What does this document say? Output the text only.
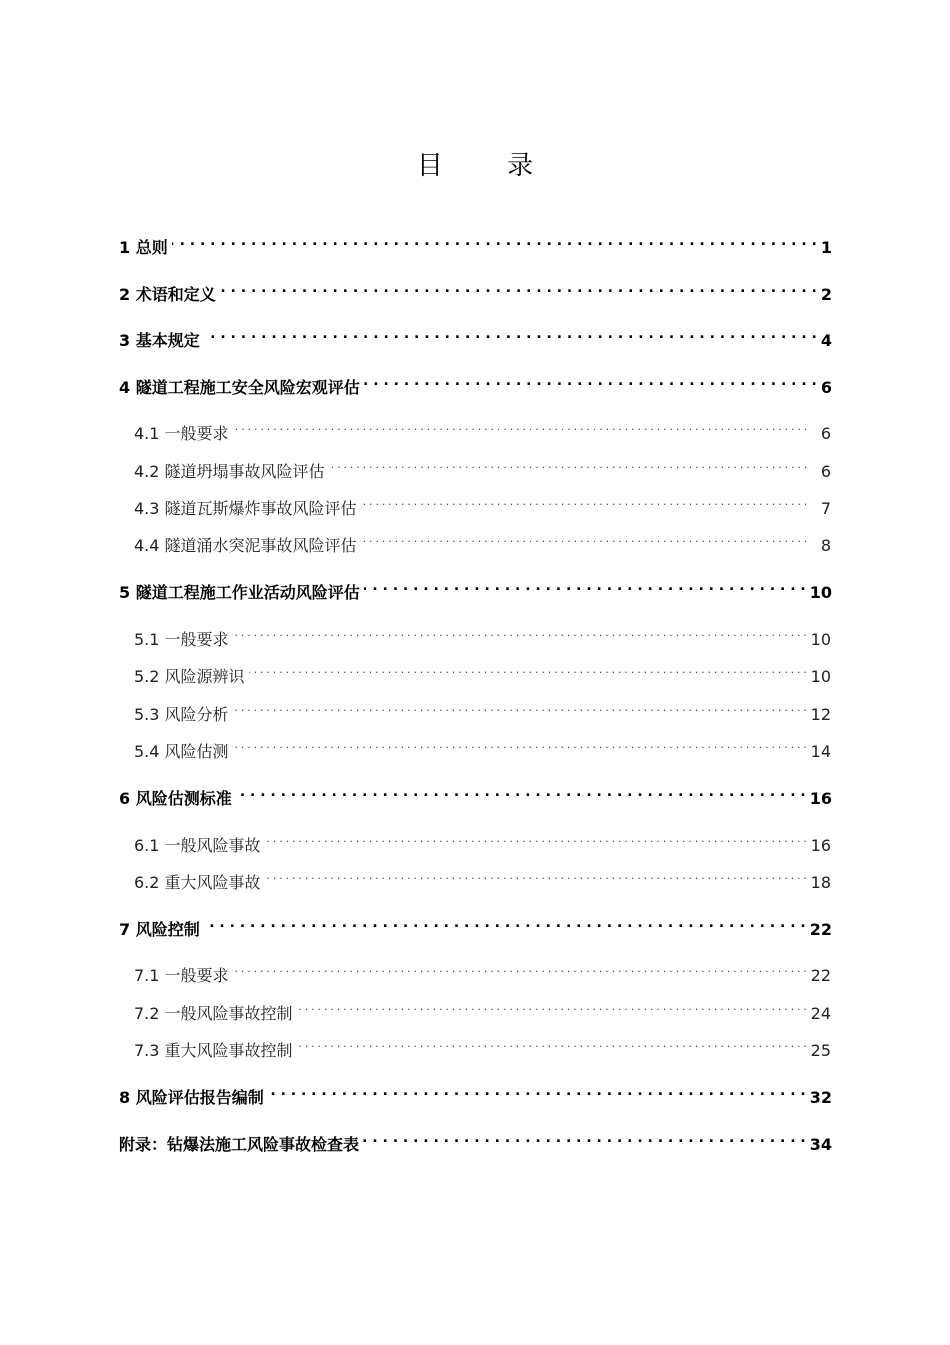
目 录
1 总则 . . .	1
2 术语和定义 . . .	2
3 基本规定 . . .	4
4 隧道工程施工安全风险宏观评估 . . .	6
4.1 一般要求 . . .	6
4.2 隧道坍塌事故风险评估 . . .	6
4.3 隧道瓦斯爆炸事故风险评估 . . .	7
4.4 隧道涌水突泥事故风险评估 . . .	8
5 隧道工程施工作业活动风险评估 . . .	10
5.1 一般要求 . . .	10
5.2 风险源辨识 . . .	10
5.3 风险分析 . . .	12
5.4 风险估测 . . .	14
6 风险估测标准 . . .	16
6.1 一般风险事故 . . .	16
6.2 重大风险事故 . . .	18
7 风险控制 . . .	22
7.1 一般要求 . . .	22
7.2 一般风险事故控制 . . .	24
7.3 重大风险事故控制 . . .	25
8 风险评估报告编制 . . .	32
附录：钻爆法施工风险事故检查表 . . .	34
